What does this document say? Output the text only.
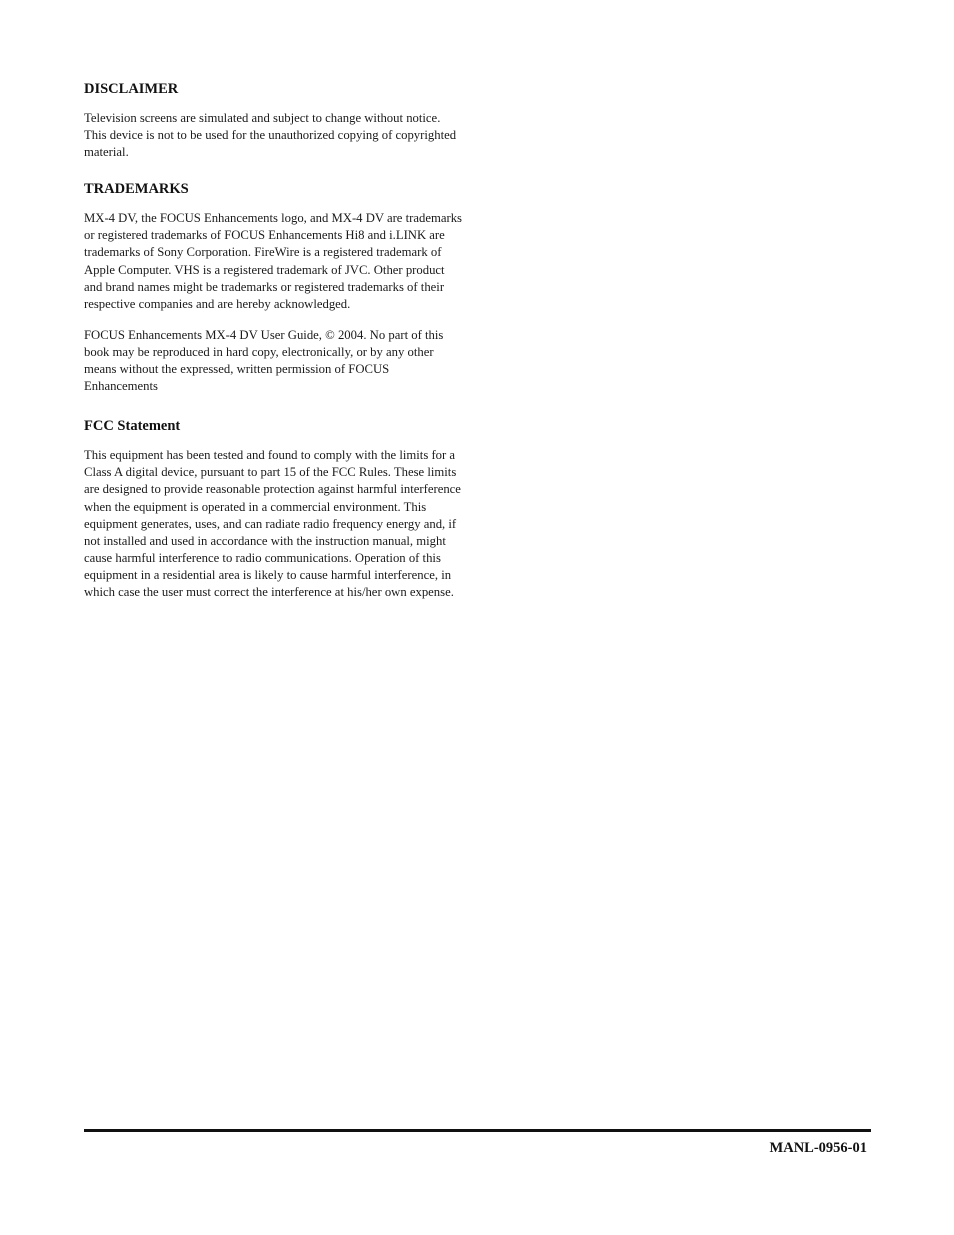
DISCLAIMER

Television screens are simulated and subject to change without notice. This device is not to be used for the unauthorized copying of copyrighted material.

TRADEMARKS

MX-4 DV, the FOCUS Enhancements logo, and MX-4 DV are trademarks or registered trademarks of FOCUS Enhancements Hi8 and i.LINK are trademarks of Sony Corporation. FireWire is a registered trademark of Apple Computer. VHS is a registered trademark of JVC. Other product and brand names might be trademarks or registered trademarks of their respective companies and are hereby acknowledged.

FOCUS Enhancements MX-4 DV User Guide, © 2004. No part of this book may be reproduced in hard copy, electronically, or by any other means without the expressed, written permission of FOCUS Enhancements

FCC Statement

This equipment has been tested and found to comply with the limits for a Class A digital device, pursuant to part 15 of the FCC Rules. These limits are designed to provide reasonable protection against harmful interference when the equipment is operated in a commercial environment. This equipment generates, uses, and can radiate radio frequency energy and, if not installed and used in accordance with the instruction manual, might cause harmful interference to radio communications. Operation of this equipment in a residential area is likely to cause harmful interference, in which case the user must correct the interference at his/her own expense.

MANL-0956-01
